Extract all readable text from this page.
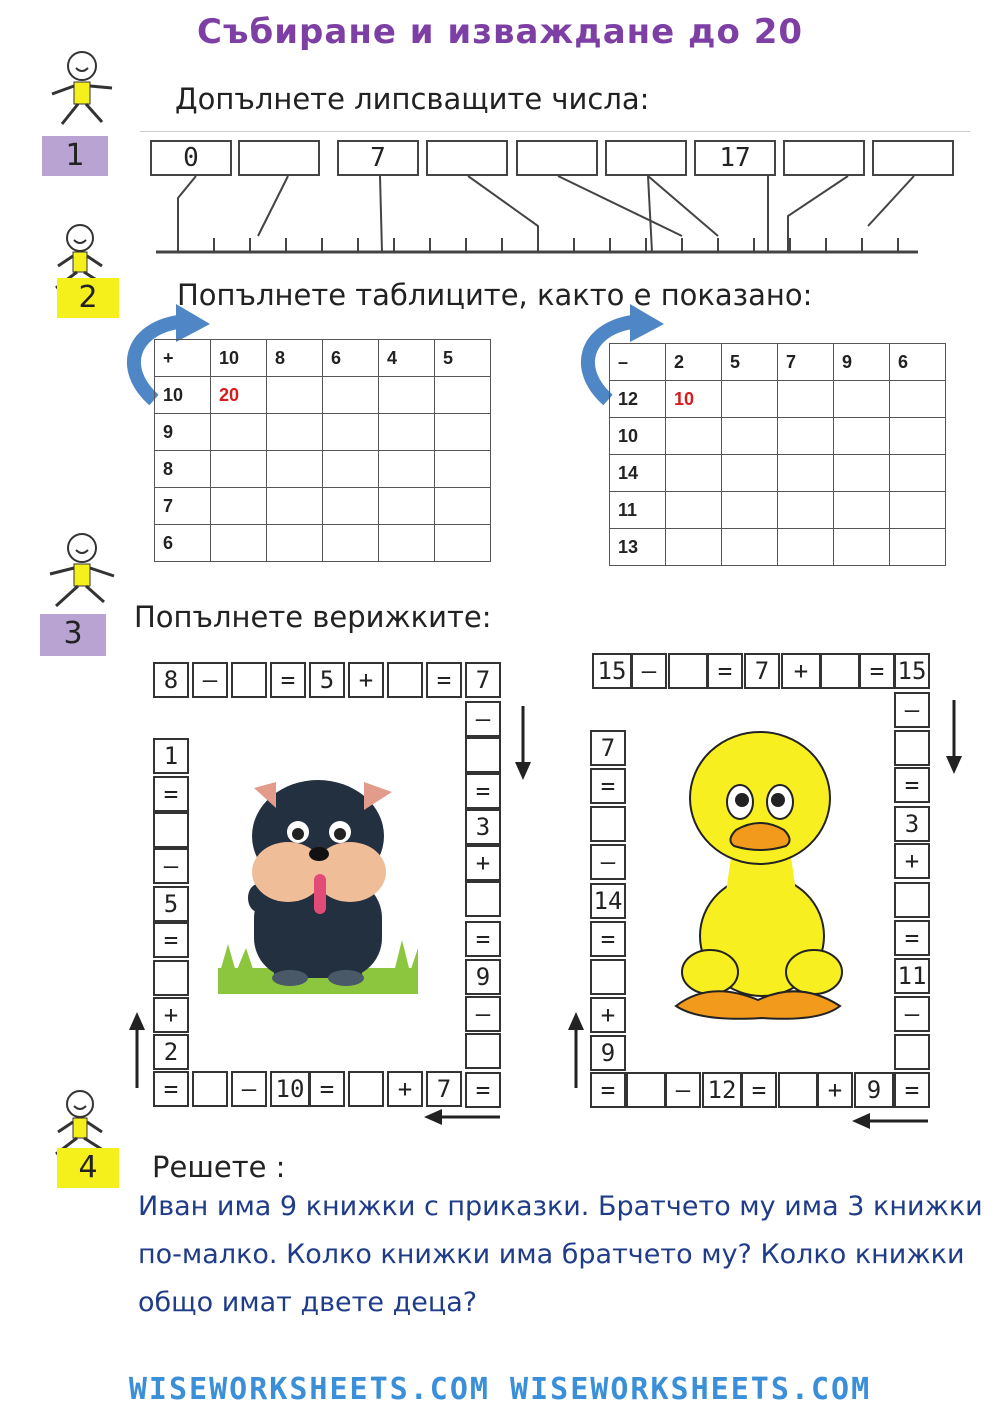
Събиране и изваждане до 20
1
Допълнете липсващите числа:
0	7	17
2	Попълнете таблиците, както е показано:
+	10	8	6	4	5
10	20				
9					
8					
7					
6					
–	2	5	7	9	6
12	10				
10					
14					
11					
13					
3	Попълнете верижките:
8	–	=	5	+	=	7
–
=
3
+
=
9
–
=
=	– 10 =	+	7
1
=
–
5
=
+
2
15 –	= 7	+	= 15
–
=
3
+
=
11
–
=
=	– 12 =	+	9
7
=
–
14
=
+
9
4	Решете :
Иван има 9 книжки с приказки. Братчето му има 3 книжки по-малко. Колко книжки има братчето му? Колко книжки общо имат двете деца?
WISEWORKSHEETS.COM WISEWORKSHEETS.COM
